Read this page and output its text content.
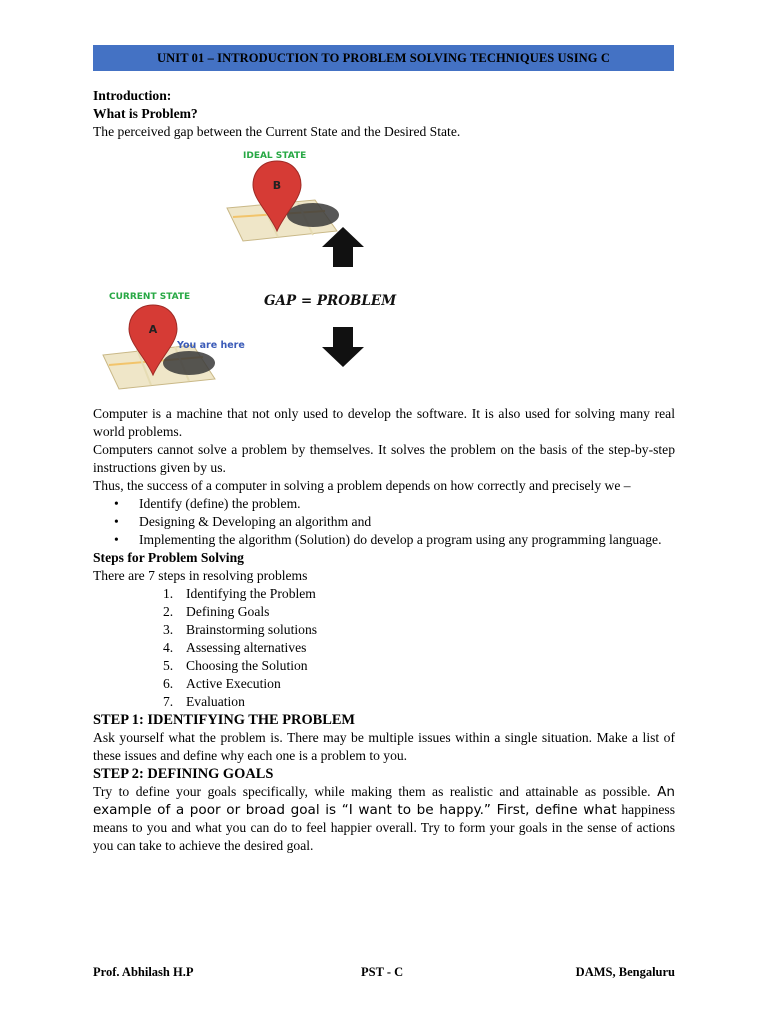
UNIT 01 – INTRODUCTION TO PROBLEM SOLVING TECHNIQUES USING C

Introduction:

What is Problem?

The perceived gap between the Current State and the Desired State.

B
IDEAL STATE
GAP = PROBLEM
A
CURRENT STATE
You are here

Computer is a machine that not only used to develop the software. It is also used for solving many real world problems.

Computers cannot solve a problem by themselves. It solves the problem on the basis of the step-by-step instructions given by us.

Thus, the success of a computer in solving a problem depends on how correctly and precisely we –

• Identify (define) the problem.
• Designing & Developing an algorithm and
• Implementing the algorithm (Solution) do develop a program using any programming language.

Steps for Problem Solving

There are 7 steps in resolving problems

1. Identifying the Problem
2. Defining Goals
3. Brainstorming solutions
4. Assessing alternatives
5. Choosing the Solution
6. Active Execution
7. Evaluation

STEP 1: IDENTIFYING THE PROBLEM

Ask yourself what the problem is. There may be multiple issues within a single situation. Make a list of these issues and define why each one is a problem to you.

STEP 2: DEFINING GOALS

Try to define your goals specifically, while making them as realistic and attainable as possible. An example of a poor or broad goal is “I want to be happy.” First, define what happiness means to you and what you can do to feel happier overall. Try to form your goals in the sense of actions you can take to achieve the desired goal.

Prof. Abhilash H.P	PST - C	DAMS, Bengaluru
